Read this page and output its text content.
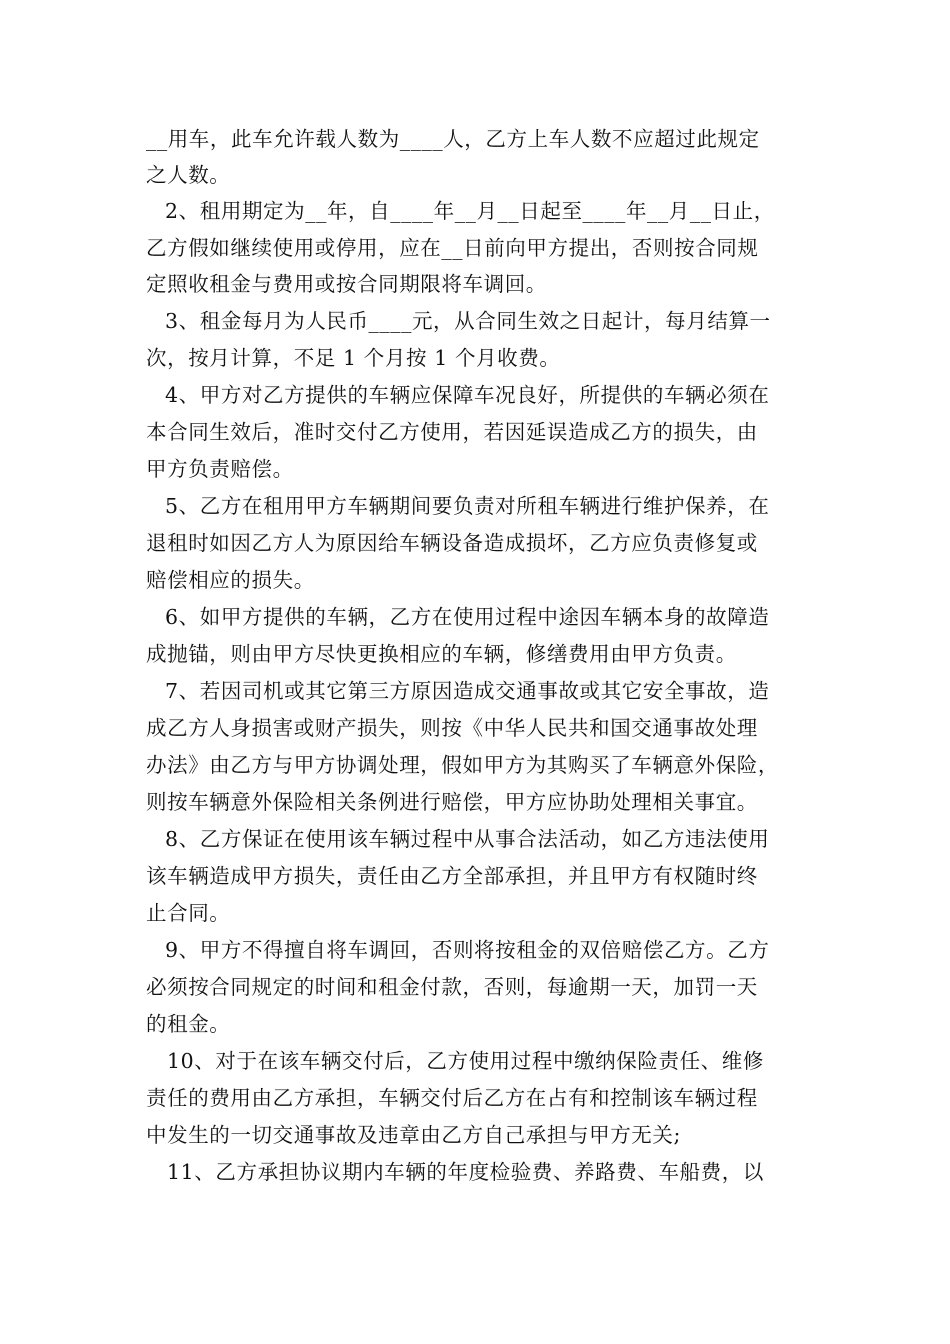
__用车，此车允许载人数为____人，乙方上车人数不应超过此规定
之人数。
2、租用期定为__年，自____年__月__日起至____年__月__日止，
乙方假如继续使用或停用，应在__日前向甲方提出，否则按合同规
定照收租金与费用或按合同期限将车调回。
3、租金每月为人民币____元，从合同生效之日起计，每月结算一
次，按月计算，不足 1 个月按 1 个月收费。
4、甲方对乙方提供的车辆应保障车况良好，所提供的车辆必须在
本合同生效后，准时交付乙方使用，若因延误造成乙方的损失，由
甲方负责赔偿。
5、乙方在租用甲方车辆期间要负责对所租车辆进行维护保养，在
退租时如因乙方人为原因给车辆设备造成损坏，乙方应负责修复或
赔偿相应的损失。
6、如甲方提供的车辆，乙方在使用过程中途因车辆本身的故障造
成抛锚，则由甲方尽快更换相应的车辆，修缮费用由甲方负责。
7、若因司机或其它第三方原因造成交通事故或其它安全事故，造
成乙方人身损害或财产损失，则按《中华人民共和国交通事故处理
办法》由乙方与甲方协调处理，假如甲方为其购买了车辆意外保险，
则按车辆意外保险相关条例进行赔偿，甲方应协助处理相关事宜。
8、乙方保证在使用该车辆过程中从事合法活动，如乙方违法使用
该车辆造成甲方损失，责任由乙方全部承担，并且甲方有权随时终
止合同。
9、甲方不得擅自将车调回，否则将按租金的双倍赔偿乙方。乙方
必须按合同规定的时间和租金付款，否则，每逾期一天，加罚一天
的租金。
10、对于在该车辆交付后，乙方使用过程中缴纳保险责任、维修
责任的费用由乙方承担，车辆交付后乙方在占有和控制该车辆过程
中发生的一切交通事故及违章由乙方自己承担与甲方无关;
11、乙方承担协议期内车辆的年度检验费、养路费、车船费，以
